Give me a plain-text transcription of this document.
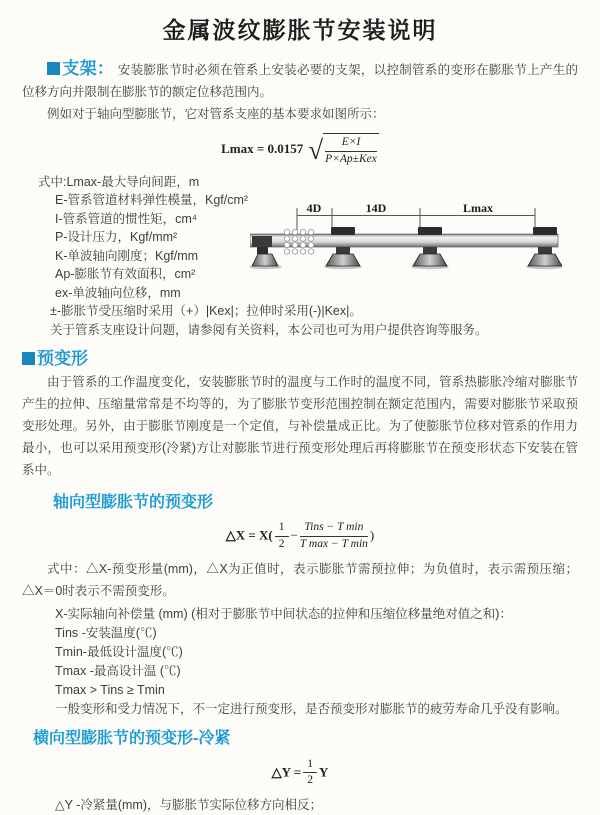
金属波纹膨胀节安装说明
支架： 安装膨胀节时必须在管系上安装必要的支架，以控制管系的变形在膨胀节上产生的位移方向并限制在膨胀节的额定位移范围内。
例如对于轴向型膨胀节，它对管系支座的基本要求如图所示：
Lmax = 0.0157 √ $\frac{E\times I}{\text{P×Ap±Kex}}$
式中:Lmax-最大导向间距，m
E-管系管道材料弹性模量，Kgf/cm²
I-管系管道的惯性矩，cm⁴
P-设计压力，Kgf/mm²
K-单波轴向刚度；Kgf/mm
Ap-膨胀节有效面积，cm²
ex-单波轴向位移，mm
±-膨胀节受压缩时采用（+）|Kex|；拉伸时采用(-)|Kex|。
关于管系支座设计问题，请参阅有关资料，本公司也可为用户提供咨询等服务。
4D	14D	Lmax
预变形
由于管系的工作温度变化，安装膨胀节时的温度与工作时的温度不同，管系热膨胀冷缩对膨胀节产生的拉伸、压缩量常常是不均等的，为了膨胀节变形范围控制在额定范围内，需要对膨胀节采取预变形处理。另外，由于膨胀节刚度是一个定值，与补偿量成正比。为了使膨胀节位移对管系的作用力最小，也可以采用预变形(冷紧)方让对膨胀节进行预变形处理后再将膨胀节在预变形状态下安装在管系中。
轴向型膨胀节的预变形
△X = $X( \frac{1}{2} - \frac{\text{Tins − T min}}{\text{T max − T min}}$ )
式中：△X-预变形量(mm)，△X为正值时，表示膨胀节需预拉伸；为负值时，表示需预压缩；△X＝0时表示不需预变形。
X-实际轴向补偿量 (mm) (相对于膨胀节中间状态的拉伸和压缩位移量绝对值之和)：
Tins -安装温度(℃)
Tmin-最低设计温度(℃)
Tmax -最高设计温 (℃)
Tmax > Tins ≥ Tmin
一般变形和受力情况下，不一定进行预变形，是否预变形对膨胀节的疲劳寿命几乎没有影响。
横向型膨胀节的预变形-冷紧
△Y = $\frac{1}{2}$ Y
△Y -冷紧量(mm)，与膨胀节实际位移方向相反；
